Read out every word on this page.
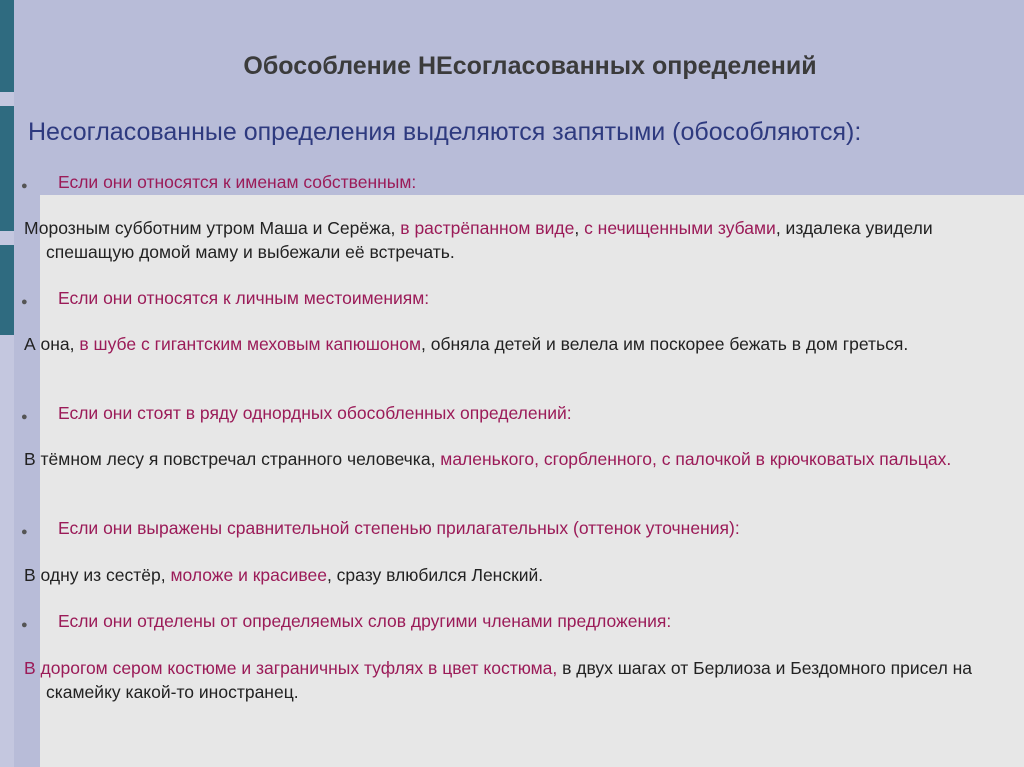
Обособление НЕсогласованных определений

Несогласованные определения выделяются запятыми (обособляются):

● Если они относятся к именам собственным:
Морозным субботним утром Маша и Серёжа, в растрёпанном виде, с нечищенными зубами, издалека увидели спешащую домой маму и выбежали её встречать.
● Если они относятся к личным местоимениям:
А она, в шубе с гигантским меховым капюшоном, обняла детей и велела им поскорее бежать в дом греться.
● Если они стоят в ряду однордных обособленных определений:
В тёмном лесу я повстречал странного человечка, маленького, сгорбленного, с палочкой в крючковатых пальцах.
● Если они выражены сравнительной степенью прилагательных (оттенок уточнения):
В одну из сестёр, моложе и красивее, сразу влюбился Ленский.
● Если они отделены от определяемых слов другими членами предложения:
В дорогом сером костюме и заграничных туфлях в цвет костюма, в двух шагах от Берлиоза и Бездомного присел на скамейку какой-то иностранец.
